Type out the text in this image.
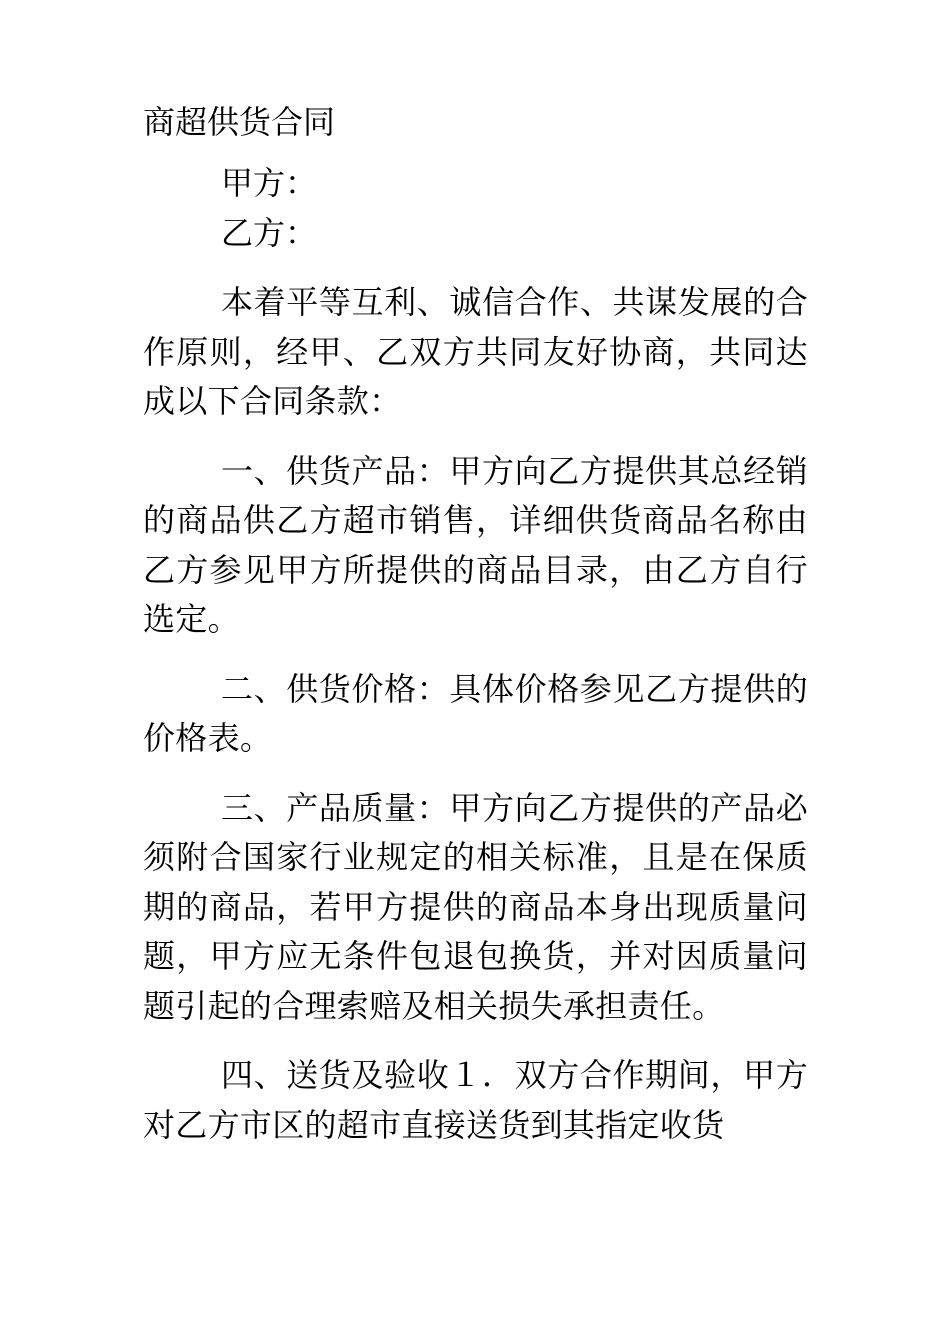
商超供货合同

甲方：

乙方：

本着平等互利、诚信合作、共谋发展的合作原则，经甲、乙双方共同友好协商，共同达成以下合同条款：

一、供货产品：甲方向乙方提供其总经销的商品供乙方超市销售，详细供货商品名称由乙方参见甲方所提供的商品目录，由乙方自行选定。

二、供货价格：具体价格参见乙方提供的价格表。

三、产品质量：甲方向乙方提供的产品必须附合国家行业规定的相关标准，且是在保质期的商品，若甲方提供的商品本身出现质量问题，甲方应无条件包退包换货，并对因质量问题引起的合理索赔及相关损失承担责任。

四、送货及验收１．双方合作期间，甲方对乙方市区的超市直接送货到其指定收货
